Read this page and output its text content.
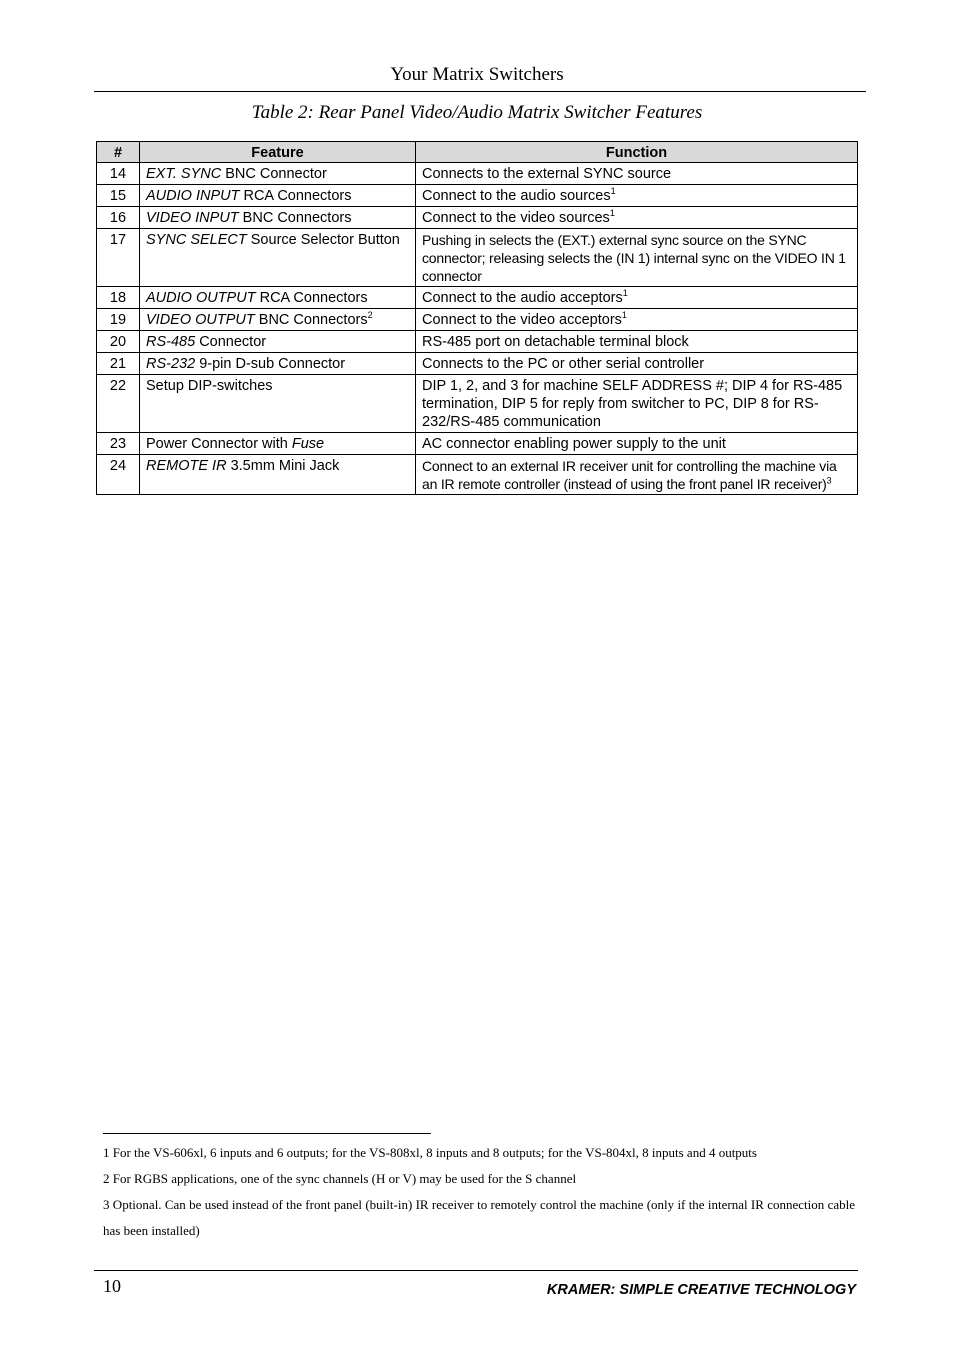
Your Matrix Switchers
Table 2: Rear Panel Video/Audio Matrix Switcher Features
#	Feature	Function
14	EXT. SYNC BNC Connector	Connects to the external SYNC source
15	AUDIO INPUT RCA Connectors	Connect to the audio sources$^1$
16	VIDEO INPUT BNC Connectors	Connect to the video sources$^1$
17	SYNC SELECT Source Selector Button	Pushing in selects the (EXT.) external sync source on the SYNC connector; releasing selects the (IN 1) internal sync on the VIDEO IN 1 connector
18	AUDIO OUTPUT RCA Connectors	Connect to the audio acceptors$^1$
19	VIDEO OUTPUT BNC Connectors$^2$	Connect to the video acceptors$^1$
20	RS-485 Connector	RS-485 port on detachable terminal block
21	RS-232 9-pin D-sub Connector	Connects to the PC or other serial controller
22	Setup DIP-switches	DIP 1, 2, and 3 for machine SELF ADDRESS #; DIP 4 for RS-485 termination, DIP 5 for reply from switcher to PC, DIP 8 for RS-232/RS-485 communication
23	Power Connector with Fuse	AC connector enabling power supply to the unit
24	REMOTE IR 3.5mm Mini Jack	Connect to an external IR receiver unit for controlling the machine via an IR remote controller (instead of using the front panel IR receiver)$^3$

1 For the VS-606xl, 6 inputs and 6 outputs; for the VS-808xl, 8 inputs and 8 outputs; for the VS-804xl, 8 inputs and 4 outputs

2 For RGBS applications, one of the sync channels (H or V) may be used for the S channel

3 Optional. Can be used instead of the front panel (built-in) IR receiver to remotely control the machine (only if the internal IR connection cable has been installed)

10	KRAMER: SIMPLE CREATIVE TECHNOLOGY
